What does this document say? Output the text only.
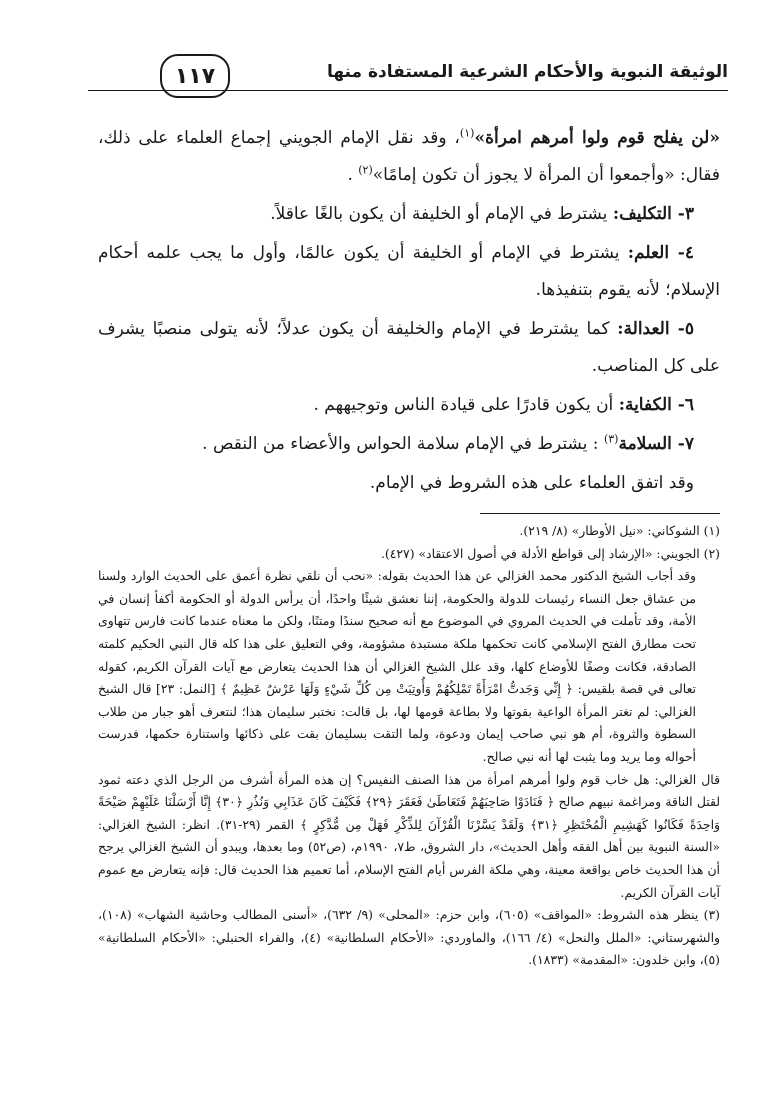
الوثيقة النبوية والأحكام الشرعية المستفادة منها
١١٧

«لن يفلح قوم ولوا أمرهم امرأة»$^{(١)}$، وقد نقل الإمام الجويني إجماع العلماء على ذلك، فقال: «وأجمعوا أن المرأة لا يجوز أن تكون إمامًا»$^{(٢)}$ .

٣- التكليف: يشترط في الإمام أو الخليفة أن يكون بالغًا عاقلاً.

٤- العلم: يشترط في الإمام أو الخليفة أن يكون عالمًا، وأول ما يجب علمه أحكام الإسلام؛ لأنه يقوم بتنفيذها.

٥- العدالة: كما يشترط في الإمام والخليفة أن يكون عدلاً؛ لأنه يتولى منصبًا يشرف على كل المناصب.

٦- الكفاية: أن يكون قادرًا على قيادة الناس وتوجيههم .

٧- السلامة$^{(٣)}$ : يشترط في الإمام سلامة الحواس والأعضاء من النقص .

وقد اتفق العلماء على هذه الشروط في الإمام.

(١) الشوكاني: «نيل الأوطار» (٨/ ٢١٩).

(٢) الجويني: «الإرشاد إلى قواطع الأدلة في أصول الاعتقاد» (٤٢٧).

وقد أجاب الشيخ الدكتور محمد الغزالي عن هذا الحديث بقوله: «نحب أن نلقي نظرة أعمق على الحديث الوارد ولسنا من عشاق جعل النساء رئيسات للدولة والحكومة، إننا نعشق شيئًا واحدًا، أن يرأس الدولة أو الحكومة أكفأ إنسان في الأمة، وقد تأملت في الحديث المروي في الموضوع مع أنه صحيح سندًا ومتنًا، ولكن ما معناه عندما كانت فارس تتهاوى تحت مطارق الفتح الإسلامي كانت تحكمها ملكة مستبدة مشؤومة، وفي التعليق على هذا كله قال النبي الحكيم كلمته الصادقة، فكانت وصفًا للأوضاع كلها، وقد علل الشيخ الغزالي أن هذا الحديث يتعارض مع آيات القرآن الكريم، كقوله تعالى في قصة بلقيس: ﴿ إِنِّي وَجَدتُّ امْرَأَةً تَمْلِكُهُمْ وَأُوتِيَتْ مِن كُلِّ شَيْءٍ وَلَهَا عَرْشٌ عَظِيمٌ ﴾ [النمل: ٢٣] قال الشيخ الغزالي: لم تغتر المرأة الواعية بقوتها ولا بطاعة قومها لها، بل قالت: نختبر سليمان هذا؛ لنتعرف أهو جبار من طلاب السطوة والثروة، أم هو نبي صاحب إيمان ودعوة، ولما التقت بسليمان بقت على ذكائها واستنارة حكمها، فدرست أحواله وما يريد وما يثبت لها أنه نبي صالح.

قال الغزالي: هل خاب قوم ولوا أمرهم امرأة من هذا الصنف النفيس؟ إن هذه المرأة أشرف من الرجل الذي دعته ثمود لقتل الناقة ومراغمة نبيهم صالح ﴿ فَنَادَوْا صَاحِبَهُمْ فَتَعَاطَىٰ فَعَقَرَ ﴿٢٩﴾ فَكَيْفَ كَانَ عَذَابِي وَنُذُرِ ﴿٣٠﴾ إِنَّا أَرْسَلْنَا عَلَيْهِمْ صَيْحَةً وَاحِدَةً فَكَانُوا كَهَشِيمِ الْمُحْتَظِرِ ﴿٣١﴾ وَلَقَدْ يَسَّرْنَا الْقُرْآنَ لِلذِّكْرِ فَهَلْ مِن مُّدَّكِرٍ ﴾ القمر (٢٩-٣١). انظر: الشيخ الغزالي: «السنة النبوية بين أهل الفقه وأهل الحديث»، دار الشروق، ط٧، ١٩٩٠م، (ص٥٢) وما بعدها، ويبدو أن الشيخ الغزالي يرجح أن هذا الحديث خاص بواقعة معينة، وهي ملكة الفرس أيام الفتح الإسلام، أما تعميم هذا الحديث قال: فإنه يتعارض مع عموم آيات القرآن الكريم.

(٣) ينظر هذه الشروط: «المواقف» (٦٠٥)، وابن حزم: «المحلى» (٩/ ٦٣٢)، «أسنى المطالب وحاشية الشهاب» (١٠٨)، والشهرستاني: «الملل والنحل» (٤/ ١٦٦)، والماوردي: «الأحكام السلطانية» (٤)، والفراء الحنبلي: «الأحكام السلطانية» (٥)، وابن خلدون: «المقدمة» (١٨٣٣).
